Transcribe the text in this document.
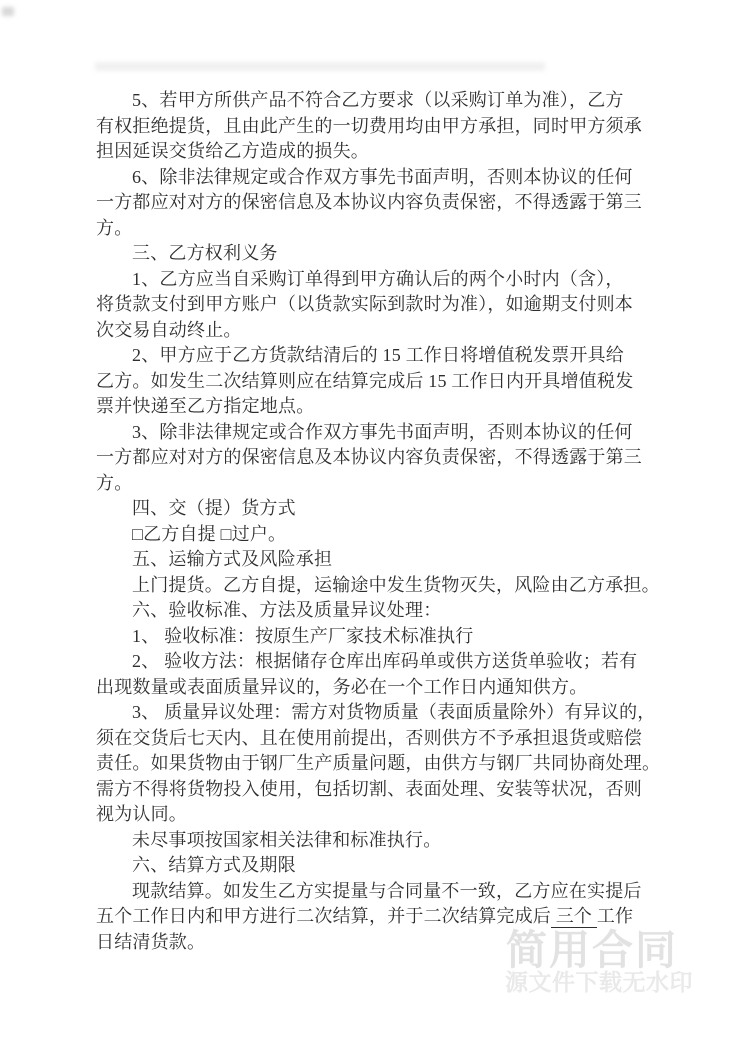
5、若甲方所供产品不符合乙方要求（以采购订单为准），乙方
有权拒绝提货，且由此产生的一切费用均由甲方承担，同时甲方须承
担因延误交货给乙方造成的损失。
6、除非法律规定或合作双方事先书面声明，否则本协议的任何
一方都应对对方的保密信息及本协议内容负责保密，不得透露于第三
方。
三、乙方权利义务
1、乙方应当自采购订单得到甲方确认后的两个小时内（含），
将货款支付到甲方账户（以货款实际到款时为准），如逾期支付则本
次交易自动终止。
2、甲方应于乙方货款结清后的 15 工作日将增值税发票开具给
乙方。如发生二次结算则应在结算完成后 15 工作日内开具增值税发
票并快递至乙方指定地点。
3、除非法律规定或合作双方事先书面声明，否则本协议的任何
一方都应对对方的保密信息及本协议内容负责保密，不得透露于第三
方。
四、交（提）货方式
□乙方自提 □过户。
五、运输方式及风险承担
上门提货。乙方自提，运输途中发生货物灭失，风险由乙方承担。
六、验收标准、方法及质量异议处理：
1、 验收标准：按原生产厂家技术标准执行
2、 验收方法：根据储存仓库出库码单或供方送货单验收；若有
出现数量或表面质量异议的，务必在一个工作日内通知供方。
3、 质量异议处理：需方对货物质量（表面质量除外）有异议的，
须在交货后七天内、且在使用前提出，否则供方不予承担退货或赔偿
责任。如果货物由于钢厂生产质量问题，由供方与钢厂共同协商处理。
需方不得将货物投入使用，包括切割、表面处理、安装等状况，否则
视为认同。
未尽事项按国家相关法律和标准执行。
六、结算方式及期限
现款结算。如发生乙方实提量与合同量不一致，乙方应在实提后
五个工作日内和甲方进行二次结算，并于二次结算完成后 三个 工作
日结清货款。	简用合同
源文件下载无水印
